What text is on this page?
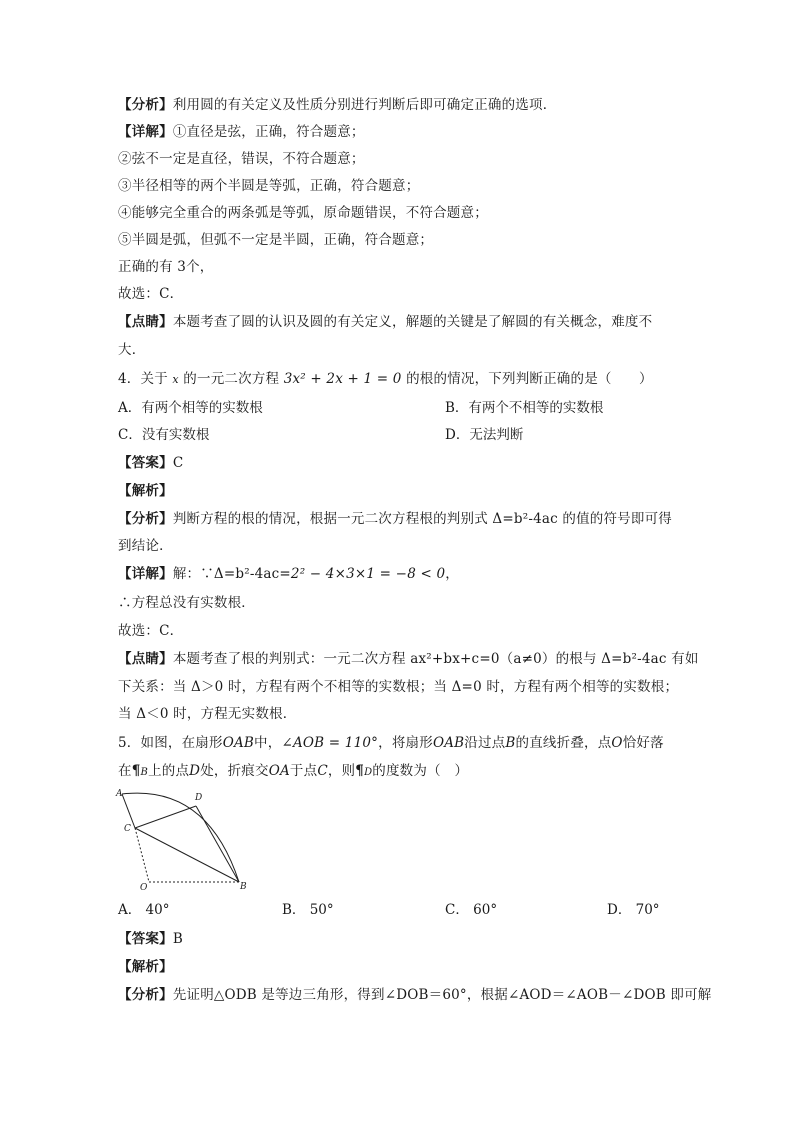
【分析】利用圆的有关定义及性质分别进行判断后即可确定正确的选项．
【详解】①直径是弦，正确，符合题意；
②弦不一定是直径，错误，不符合题意；
③半径相等的两个半圆是等弧，正确，符合题意；
④能够完全重合的两条弧是等弧，原命题错误，不符合题意；
⑤半圆是弧，但弧不一定是半圆，正确，符合题意；
正确的有 3个，
故选：C．
【点睛】本题考查了圆的认识及圆的有关定义，解题的关键是了解圆的有关概念，难度不
大．
4．关于 x 的一元二次方程 3x² + 2x + 1 = 0 的根的情况，下列判断正确的是（　　）
A．有两个相等的实数根	B．有两个不相等的实数根
C．没有实数根	D．无法判断
【答案】C
【解析】
【分析】判断方程的根的情况，根据一元二次方程根的判别式 Δ=b²-4ac 的值的符号即可得
到结论．
【详解】解：∵Δ=b²-4ac=2² − 4×3×1 = −8 < 0，
∴方程总没有实数根．
故选：C．
【点睛】本题考查了根的判别式：一元二次方程 ax²+bx+c=0（a≠0）的根与 Δ=b²-4ac 有如
下关系：当 Δ＞0 时，方程有两个不相等的实数根；当 Δ=0 时，方程有两个相等的实数根；
当 Δ＜0 时，方程无实数根．
5．如图，在扇形OAB中，∠AOB = 110°，将扇形OAB沿过点B的直线折叠，点O恰好落
在¶B上的点D处，折痕交OA于点C，则¶D的度数为（　）
A	D
C
O	B
A． 40°	B． 50°	C． 60°	D． 70°
【答案】B
【解析】
【分析】先证明△ODB 是等边三角形，得到∠DOB＝60°，根据∠AOD＝∠AOB－∠DOB 即可解
